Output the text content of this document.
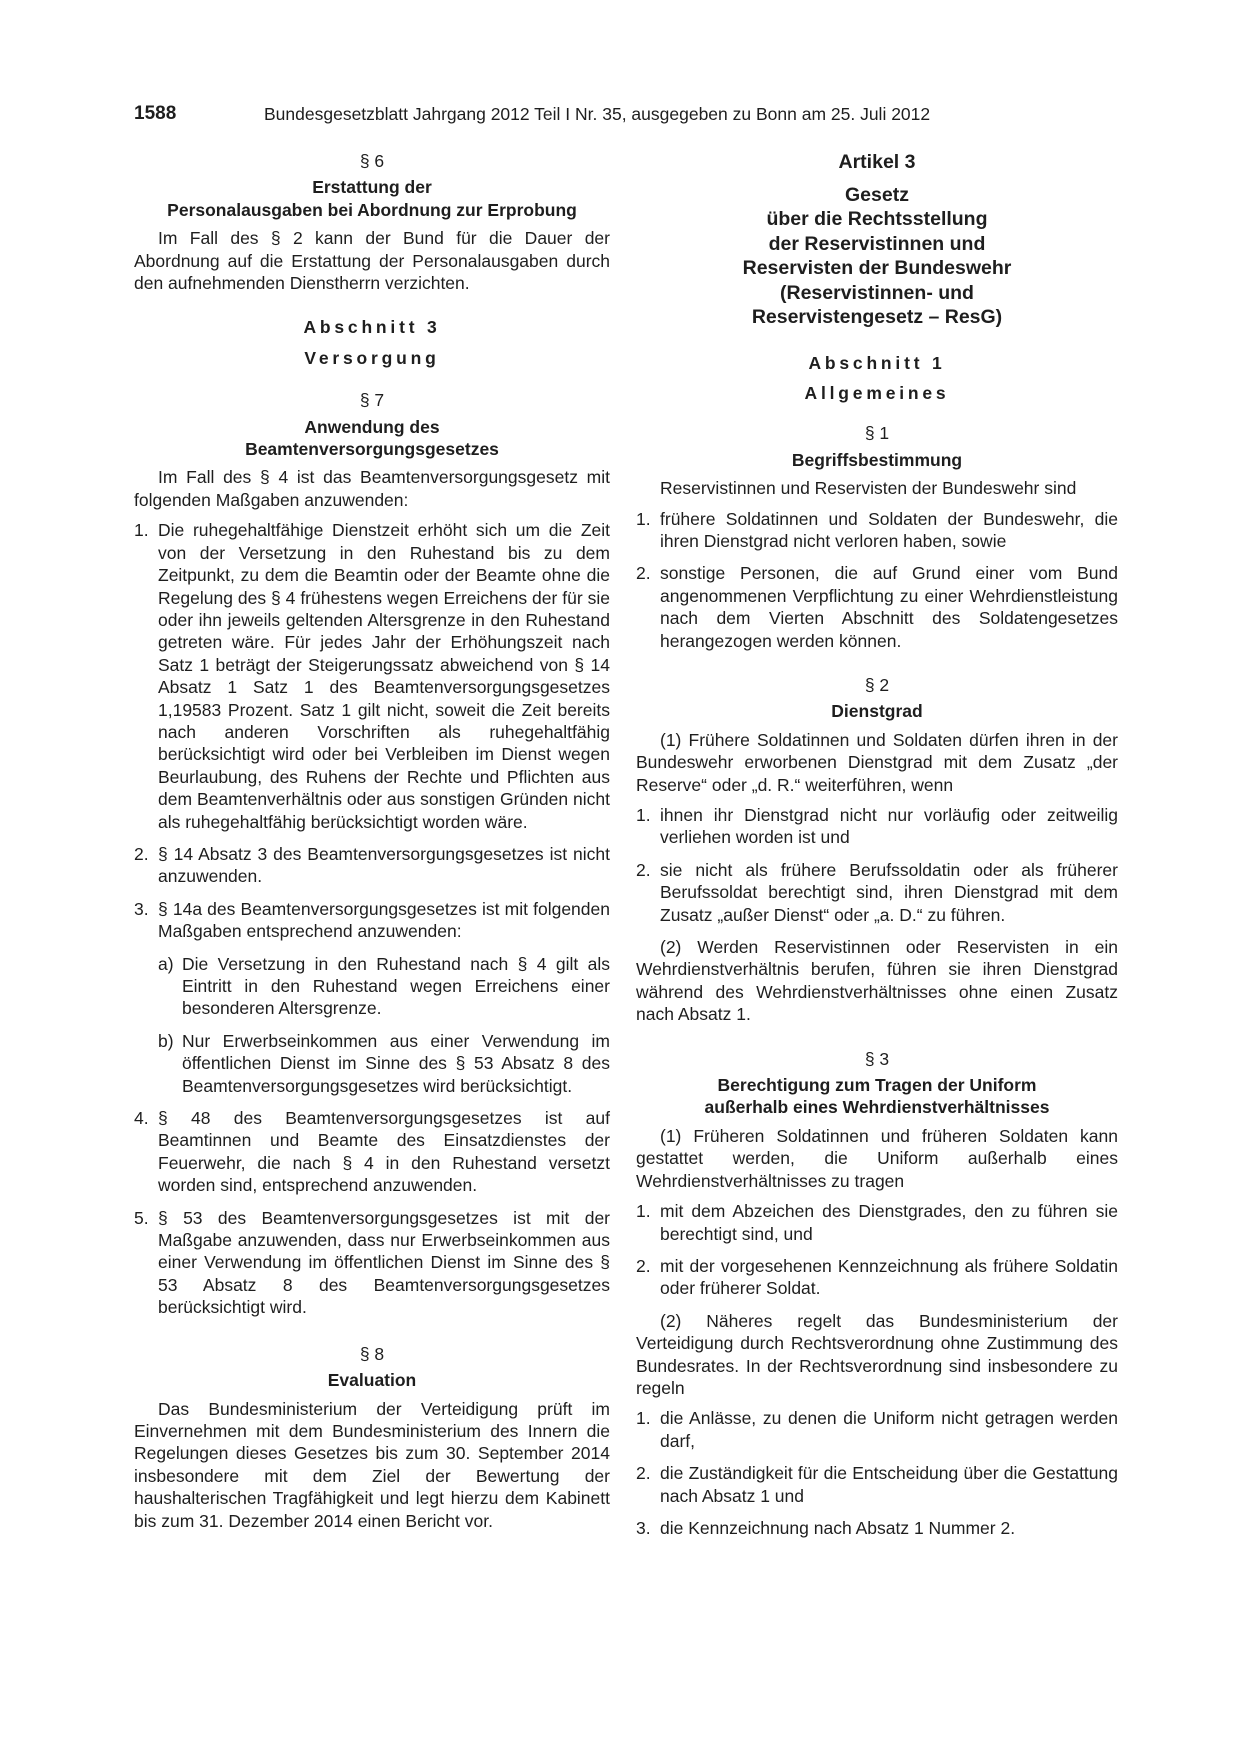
1588	Bundesgesetzblatt Jahrgang 2012 Teil I Nr. 35, ausgegeben zu Bonn am 25. Juli 2012

§ 6

Erstattung der

Personalausgaben bei Abordnung zur Erprobung

Im Fall des § 2 kann der Bund für die Dauer der Abordnung auf die Erstattung der Personalausgaben durch den aufnehmenden Dienstherrn verzichten.

Abschnitt 3

Versorgung

§ 7

Anwendung des

Beamtenversorgungsgesetzes

Im Fall des § 4 ist das Beamtenversorgungsgesetz mit folgenden Maßgaben anzuwenden:

1. Die ruhegehaltfähige Dienstzeit erhöht sich um die Zeit von der Versetzung in den Ruhestand bis zu dem Zeitpunkt, zu dem die Beamtin oder der Beamte ohne die Regelung des § 4 frühestens wegen Erreichens der für sie oder ihn jeweils geltenden Altersgrenze in den Ruhestand getreten wäre. Für jedes Jahr der Erhöhungszeit nach Satz 1 beträgt der Steigerungssatz abweichend von § 14 Absatz 1 Satz 1 des Beamtenversorgungsgesetzes 1,19583 Prozent. Satz 1 gilt nicht, soweit die Zeit bereits nach anderen Vorschriften als ruhegehaltfähig berücksichtigt wird oder bei Verbleiben im Dienst wegen Beurlaubung, des Ruhens der Rechte und Pflichten aus dem Beamtenverhältnis oder aus sonstigen Gründen nicht als ruhegehaltfähig berücksichtigt worden wäre.
2. § 14 Absatz 3 des Beamtenversorgungsgesetzes ist nicht anzuwenden.
3. § 14a des Beamtenversorgungsgesetzes ist mit folgenden Maßgaben entsprechend anzuwenden:
a) Die Versetzung in den Ruhestand nach § 4 gilt als Eintritt in den Ruhestand wegen Erreichens einer besonderen Altersgrenze.
b) Nur Erwerbseinkommen aus einer Verwendung im öffentlichen Dienst im Sinne des § 53 Absatz 8 des Beamtenversorgungsgesetzes wird berücksichtigt.
4. § 48 des Beamtenversorgungsgesetzes ist auf Beamtinnen und Beamte des Einsatzdienstes der Feuerwehr, die nach § 4 in den Ruhestand versetzt worden sind, entsprechend anzuwenden.
5. § 53 des Beamtenversorgungsgesetzes ist mit der Maßgabe anzuwenden, dass nur Erwerbseinkommen aus einer Verwendung im öffentlichen Dienst im Sinne des § 53 Absatz 8 des Beamtenversorgungsgesetzes berücksichtigt wird.

§ 8

Evaluation

Das Bundesministerium der Verteidigung prüft im Einvernehmen mit dem Bundesministerium des Innern die Regelungen dieses Gesetzes bis zum 30. September 2014 insbesondere mit dem Ziel der Bewertung der haushalterischen Tragfähigkeit und legt hierzu dem Kabinett bis zum 31. Dezember 2014 einen Bericht vor.

Artikel 3

Gesetz

über die Rechtsstellung

der Reservistinnen und

Reservisten der Bundeswehr

(Reservistinnen- und

Reservistengesetz – ResG)

Abschnitt 1

Allgemeines

§ 1

Begriffsbestimmung

Reservistinnen und Reservisten der Bundeswehr sind

1. frühere Soldatinnen und Soldaten der Bundeswehr, die ihren Dienstgrad nicht verloren haben, sowie
2. sonstige Personen, die auf Grund einer vom Bund angenommenen Verpflichtung zu einer Wehrdienstleistung nach dem Vierten Abschnitt des Soldatengesetzes herangezogen werden können.

§ 2

Dienstgrad

(1) Frühere Soldatinnen und Soldaten dürfen ihren in der Bundeswehr erworbenen Dienstgrad mit dem Zusatz „der Reserve“ oder „d. R.“ weiterführen, wenn

1. ihnen ihr Dienstgrad nicht nur vorläufig oder zeitweilig verliehen worden ist und
2. sie nicht als frühere Berufssoldatin oder als früherer Berufssoldat berechtigt sind, ihren Dienstgrad mit dem Zusatz „außer Dienst“ oder „a. D.“ zu führen.

(2) Werden Reservistinnen oder Reservisten in ein Wehrdienstverhältnis berufen, führen sie ihren Dienstgrad während des Wehrdienstverhältnisses ohne einen Zusatz nach Absatz 1.

§ 3

Berechtigung zum Tragen der Uniform

außerhalb eines Wehrdienstverhältnisses

(1) Früheren Soldatinnen und früheren Soldaten kann gestattet werden, die Uniform außerhalb eines Wehrdienstverhältnisses zu tragen

1. mit dem Abzeichen des Dienstgrades, den zu führen sie berechtigt sind, und
2. mit der vorgesehenen Kennzeichnung als frühere Soldatin oder früherer Soldat.

(2) Näheres regelt das Bundesministerium der Verteidigung durch Rechtsverordnung ohne Zustimmung des Bundesrates. In der Rechtsverordnung sind insbesondere zu regeln

1. die Anlässe, zu denen die Uniform nicht getragen werden darf,
2. die Zuständigkeit für die Entscheidung über die Gestattung nach Absatz 1 und
3. die Kennzeichnung nach Absatz 1 Nummer 2.
